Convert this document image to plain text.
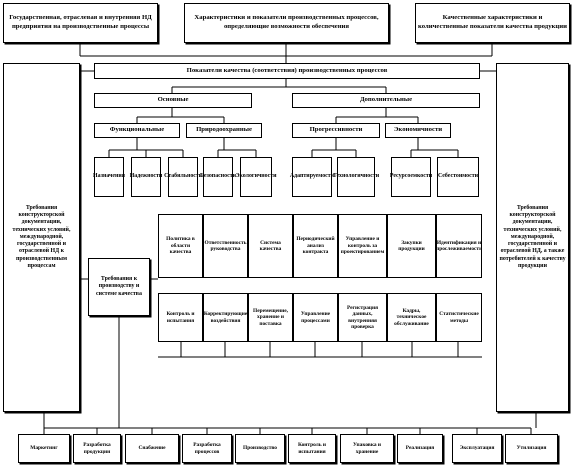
Государственная, отраслевая и внутренняя НД предприятия на производственные процессы
Характеристики и показатели производственных процессов, определяющие возможности обеспечения
Качественные характеристики и количественные показатели качества продукции
Показатели качества (соответствия) производственных процессов
Требования конструкторской документации, технических условий, международной, государственной и отраслевой НД к производственным процессам
Требования конструкторской документации, технических условий, международной, государственной и отраслевой НД, а также потребителей к качеству продукции
Основные	Дополнительные
Функциональные	Природоохранные	Прогрессивности	Экономичности
Назначения Надежности Стабильность
Безопасности Экологичности Адаптируемости
Технологичности Ресурсоемкости Себестоимости
Требования к производству и системе качества
Политика в области качества
Ответственность руководства
Система качества
Периодический анализ контракта
Управление и контроль за проектированием
Закупки продукции
Идентификация и прослеживаемость
Контроль и испытания
Корректирующие воздействия
Перемещение, хранение и поставка
Управление процессами
Регистрация данных, внутренняя проверка
Кадры, техническое обслуживание
Статистические методы
Маркетинг
Разработка продукции
Снабжение
Разработка процессов
Производство
Контроль и испытания
Упаковка и хранение
Реализация	Эксплуатация	Утилизация
